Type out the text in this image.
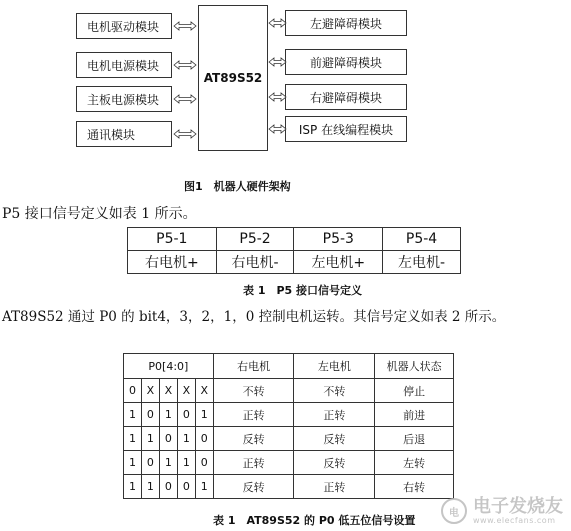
电机驱动模块
电机电源模块
主板电源模块
通讯模块
AT89S52
左避障碍模块
前避障碍模块
右避障碍模块
ISP 在线编程模块
图1　机器人硬件架构
P5 接口信号定义如表 1 所示。
P5-1	P5-2	P5-3	P5-4
右电机+	右电机-	左电机+	左电机-
表 1　P5 接口信号定义
AT89S52 通过 P0 的 bit4，3，2，1，0 控制电机运转。其信号定义如表 2 所示。
P0[4:0]					右电机	左电机	机器人状态
0	X	X	X	X	不转	不转	停止
1	0	1	0	1	正转	正转	前进
1	1	0	1	0	反转	反转	后退
1	0	1	1	0	正转	反转	左转
1	1	0	0	1	反转	正转	右转
表 1　AT89S52 的 P0 低五位信号设置
电 电子发烧友
www.elecfans.com
